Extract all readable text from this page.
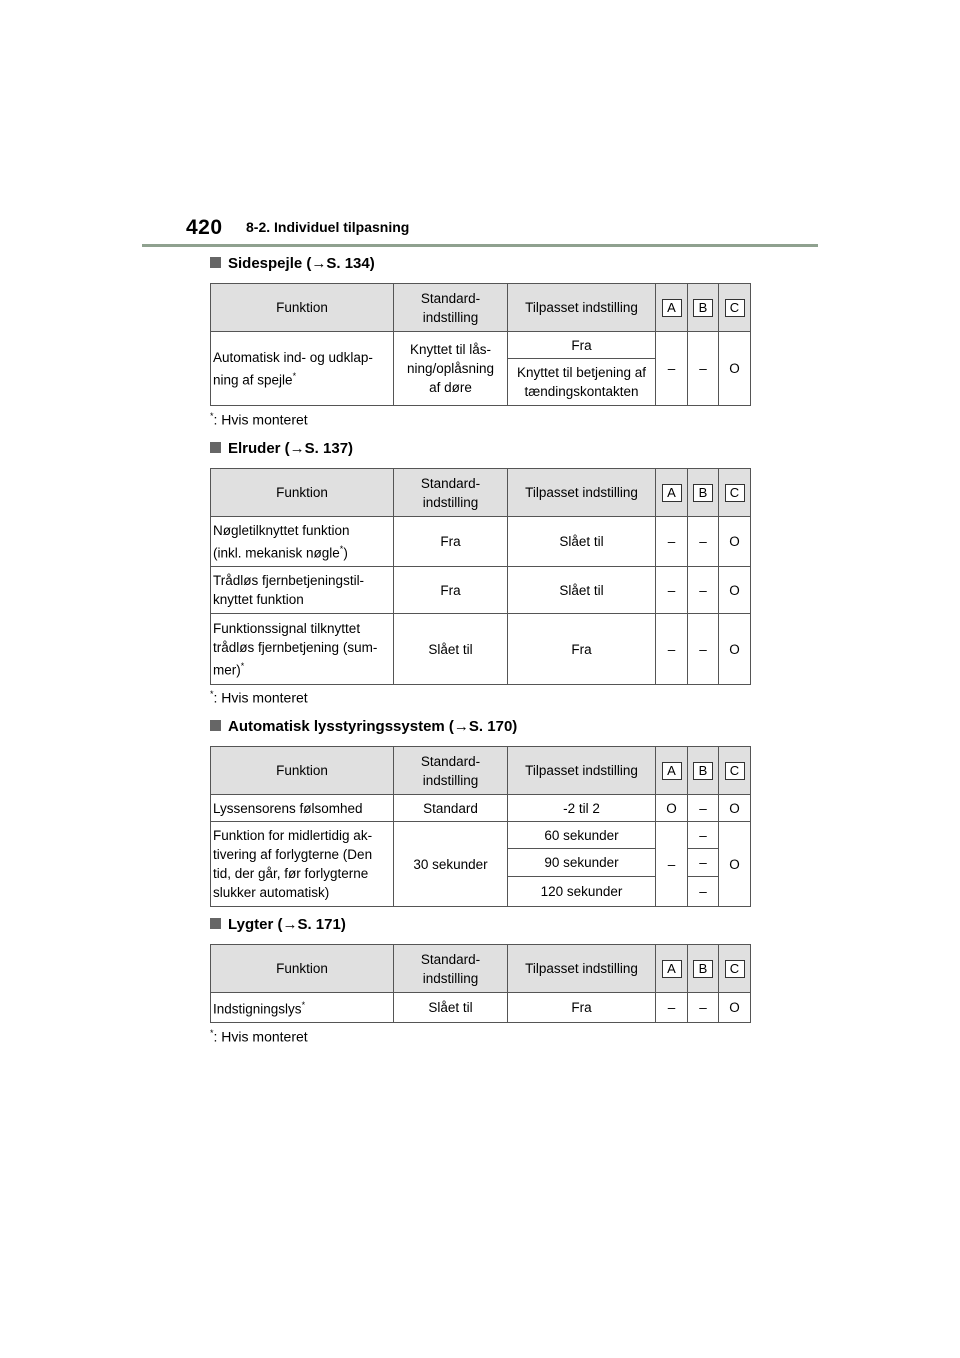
420 8-2. Individuel tilpasning
Sidespejle (→S. 134)
Funktion	Standard-
indstilling	Tilpasset indstilling	A	B	C
Automatisk ind- og udklap-
ning af spejle*	Knyttet til lås-
ning/oplåsning
af døre	Fra	–	–	O
		Knyttet til betjening af
tændingskontakten			
*: Hvis monteret
Elruder (→S. 137)
Funktion	Standard-
indstilling	Tilpasset indstilling	A	B	C
Nøgletilknyttet funktion
(inkl. mekanisk nøgle*)	Fra	Slået til	–	–	O
Trådløs fjernbetjeningstil-
knyttet funktion	Fra	Slået til	–	–	O
Funktionssignal tilknyttet
trådløs fjernbetjening (sum-
mer)*	Slået til	Fra	–	–	O
*: Hvis monteret
Automatisk lysstyringssystem (→S. 170)
Funktion	Standard-
indstilling	Tilpasset indstilling	A	B	C
Lyssensorens følsomhed	Standard	-2 til 2	O	–	O
Funktion for midlertidig ak-
tivering af forlygterne (Den
tid, der går, før forlygterne
slukker automatisk)	30 sekunder	60 sekunder	–	–	O
		90 sekunder		–	
		120 sekunder		–	
Lygter (→S. 171)
Funktion	Standard-
indstilling	Tilpasset indstilling	A	B	C
Indstigningslys*	Slået til	Fra	–	–	O
*: Hvis monteret
